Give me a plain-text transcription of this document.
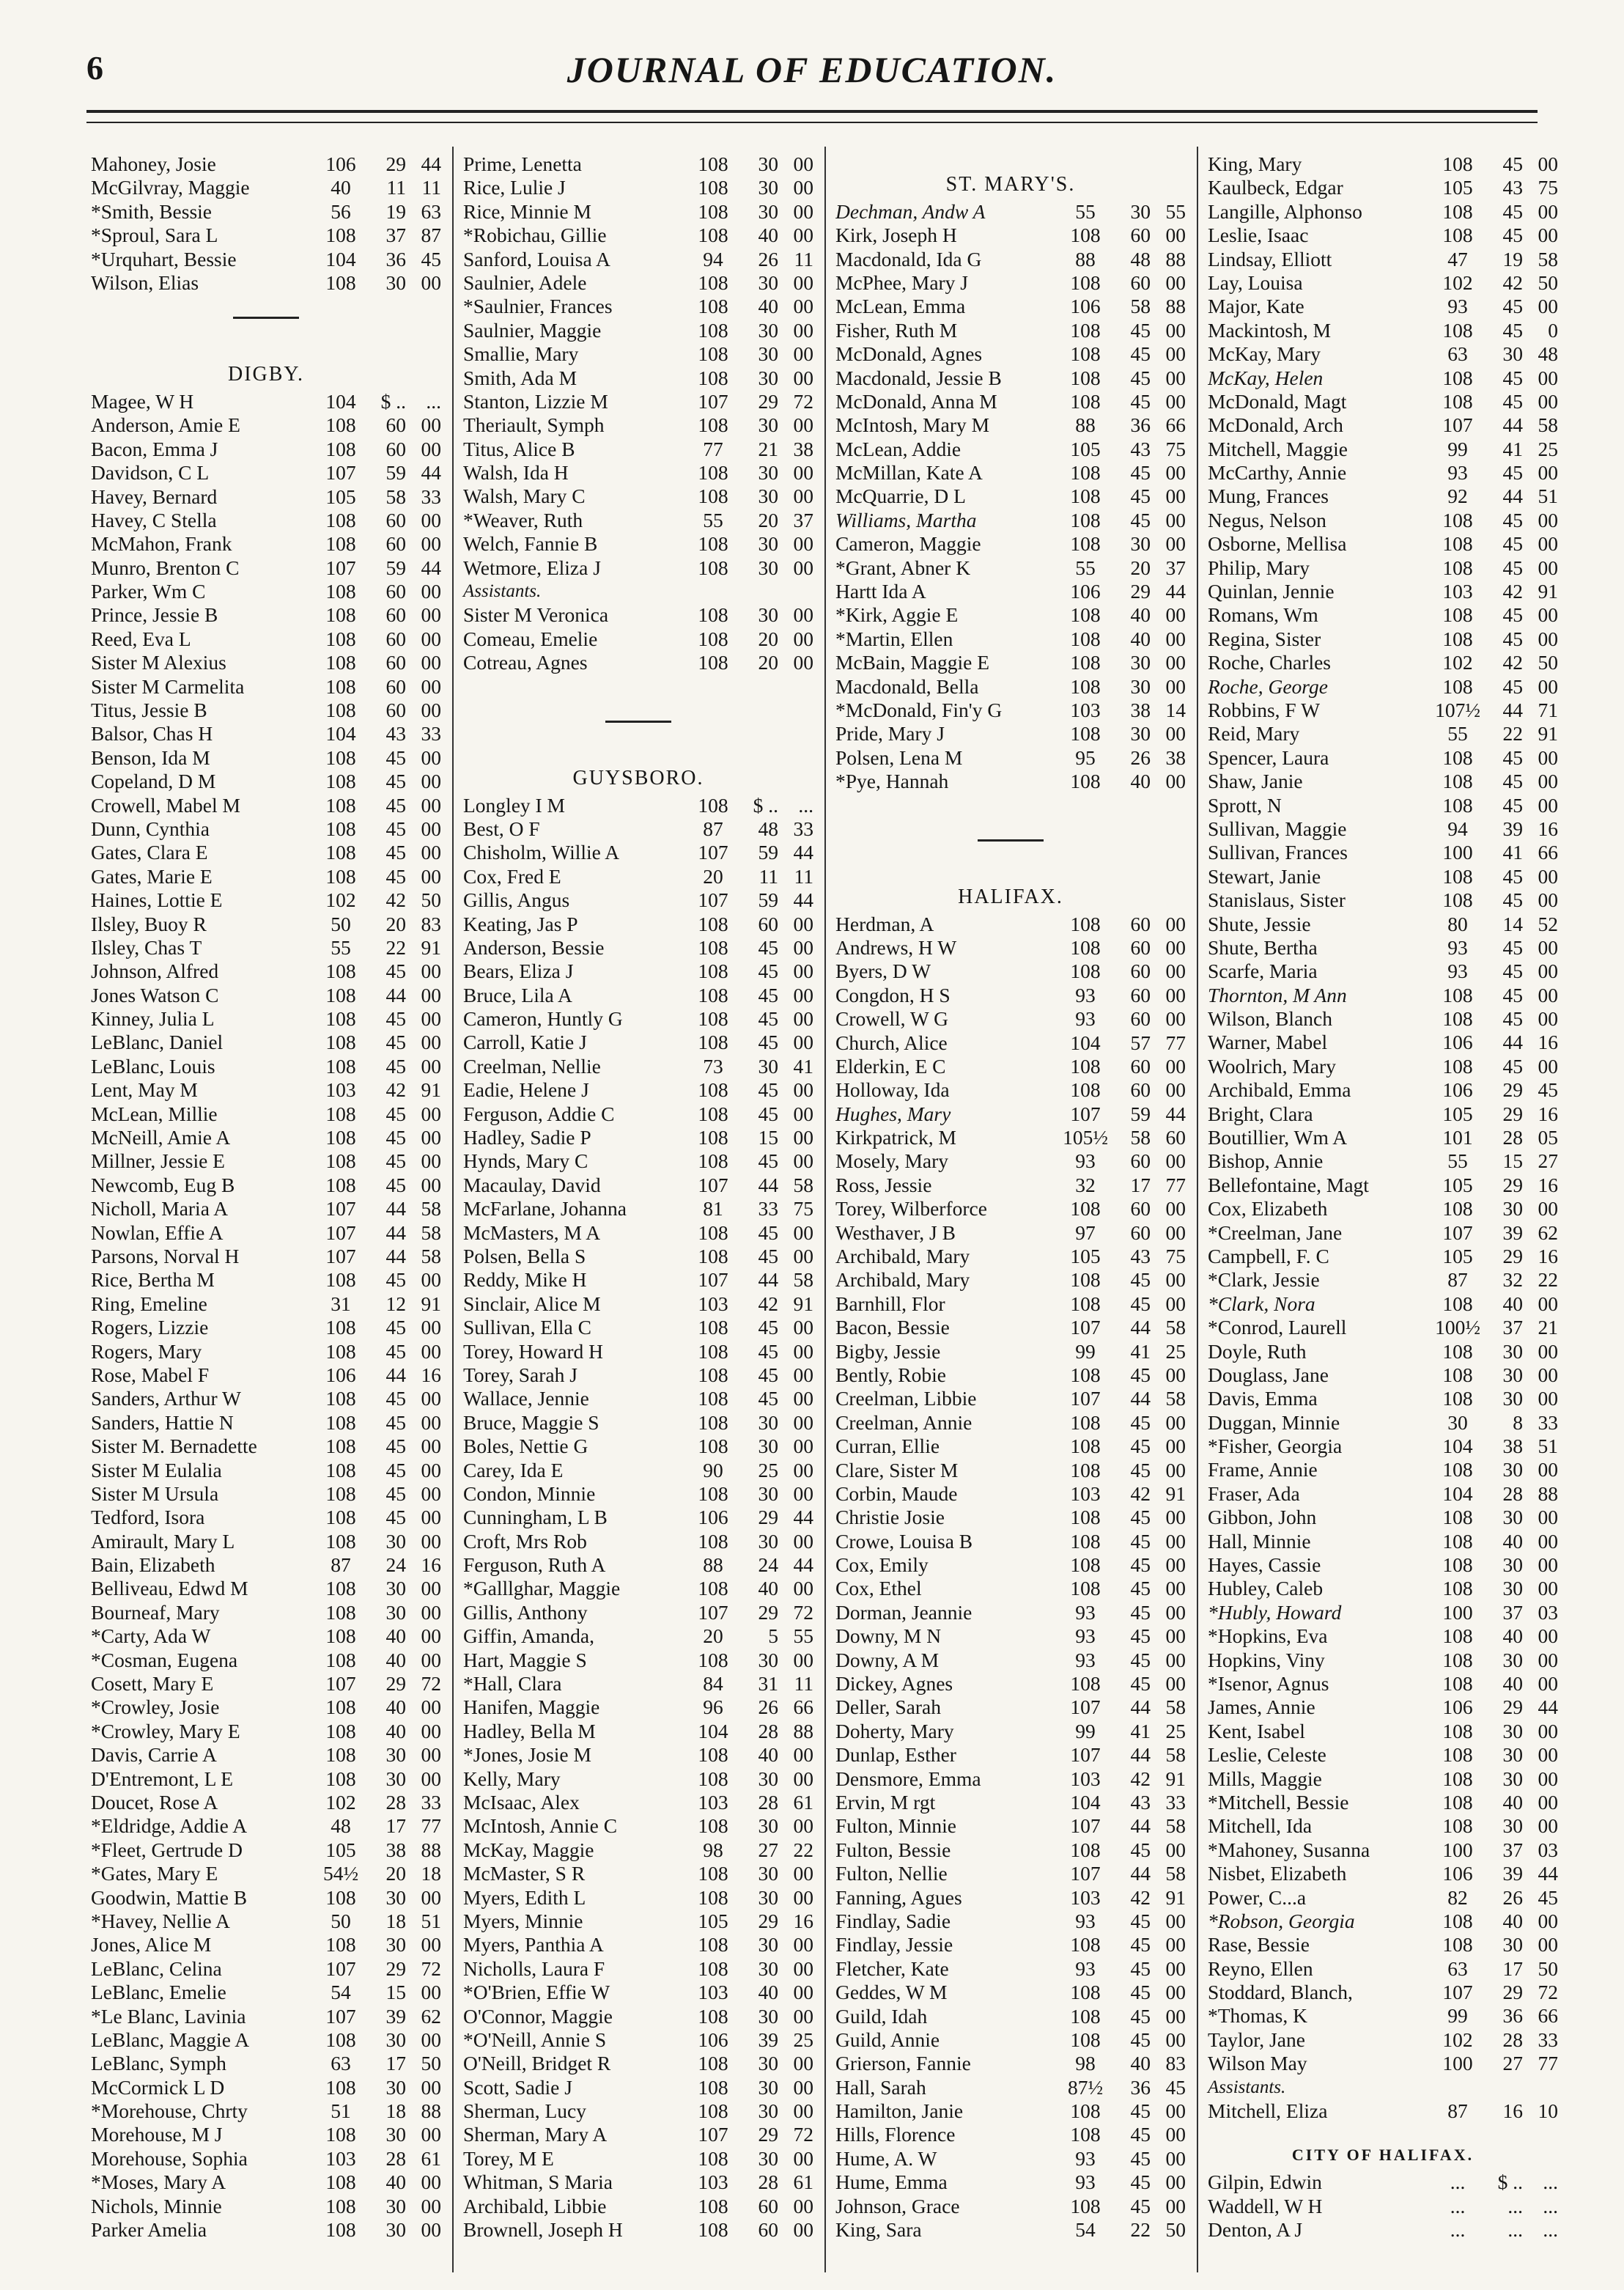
6	JOURNAL OF EDUCATION.
Mahoney, Josie	106	29 44
McGilvray, Maggie	40	11 11
*Smith, Bessie	56	19 63
*Sproul, Sara L	108	37 87
*Urquhart, Bessie	104	36 45
Wilson, Elias	108	30 00
DIGBY.
Magee, W H	104	$ .. ...
Anderson, Amie E	108	60 00
Bacon, Emma J	108	60 00
Davidson, C L	107	59 44
Havey, Bernard	105	58 33
Havey, C Stella	108	60 00
McMahon, Frank	108	60 00
Munro, Brenton C	107	59 44
Parker, Wm C	108	60 00
Prince, Jessie B	108	60 00
Reed, Eva L	108	60 00
Sister M Alexius	108	60 00
Sister M Carmelita	108	60 00
Titus, Jessie B	108	60 00
Balsor, Chas H	104	43 33
Benson, Ida M	108	45 00
Copeland, D M	108	45 00
Crowell, Mabel M	108	45 00
Dunn, Cynthia	108	45 00
Gates, Clara E	108	45 00
Gates, Marie E	108	45 00
Haines, Lottie E	102	42 50
Ilsley, Buoy R	50	20 83
Ilsley, Chas T	55	22 91
Johnson, Alfred	108	45 00
Jones Watson C	108	44 00
Kinney, Julia L	108	45 00
LeBlanc, Daniel	108	45 00
LeBlanc, Louis	108	45 00
Lent, May M	103	42 91
McLean, Millie	108	45 00
McNeill, Amie A	108	45 00
Millner, Jessie E	108	45 00
Newcomb, Eug B	108	45 00
Nicholl, Maria A	107	44 58
Nowlan, Effie A	107	44 58
Parsons, Norval H	107	44 58
Rice, Bertha M	108	45 00
Ring, Emeline	31	12 91
Rogers, Lizzie	108	45 00
Rogers, Mary	108	45 00
Rose, Mabel F	106	44 16
Sanders, Arthur W	108	45 00
Sanders, Hattie N	108	45 00
Sister M. Bernadette	108	45 00
Sister M Eulalia	108	45 00
Sister M Ursula	108	45 00
Tedford, Isora	108	45 00
Amirault, Mary L	108	30 00
Bain, Elizabeth	87	24 16
Belliveau, Edwd M	108	30 00
Bourneaf, Mary	108	30 00
*Carty, Ada W	108	40 00
*Cosman, Eugena	108	40 00
Cosett, Mary E	107	29 72
*Crowley, Josie	108	40 00
*Crowley, Mary E	108	40 00
Davis, Carrie A	108	30 00
D'Entremont, L E	108	30 00
Doucet, Rose A	102	28 33
*Eldridge, Addie A	48	17 77
*Fleet, Gertrude D	105	38 88
*Gates, Mary E	54½	20 18
Goodwin, Mattie B	108	30 00
*Havey, Nellie A	50	18 51
Jones, Alice M	108	30 00
LeBlanc, Celina	107	29 72
LeBlanc, Emelie	54	15 00
*Le Blanc, Lavinia	107	39 62
LeBlanc, Maggie A	108	30 00
LeBlanc, Symph	63	17 50
McCormick L D	108	30 00
*Morehouse, Chrty	51	18 88
Morehouse, M J	108	30 00
Morehouse, Sophia	103	28 61
*Moses, Mary A	108	40 00
Nichols, Minnie	108	30 00
Parker Amelia	108	30 00
Prime, Lenetta	108	30 00
Rice, Lulie J	108	30 00
Rice, Minnie M	108	30 00
*Robichau, Gillie	108	40 00
Sanford, Louisa A	94	26 11
Saulnier, Adele	108	30 00
*Saulnier, Frances	108	40 00
Saulnier, Maggie	108	30 00
Smallie, Mary	108	30 00
Smith, Ada M	108	30 00
Stanton, Lizzie M	107	29 72
Theriault, Symph	108	30 00
Titus, Alice B	77	21 38
Walsh, Ida H	108	30 00
Walsh, Mary C	108	30 00
*Weaver, Ruth	55	20 37
Welch, Fannie B	108	30 00
Wetmore, Eliza J	108	30 00
Assistants.
Sister M Veronica	108	30 00
Comeau, Emelie	108	20 00
Cotreau, Agnes	108	20 00
GUYSBORO.
Longley I M	108	$ .. ...
Best, O F	87	48 33
Chisholm, Willie A	107	59 44
Cox, Fred E	20	11 11
Gillis, Angus	107	59 44
Keating, Jas P	108	60 00
Anderson, Bessie	108	45 00
Bears, Eliza J	108	45 00
Bruce, Lila A	108	45 00
Cameron, Huntly G	108	45 00
Carroll, Katie J	108	45 00
Creelman, Nellie	73	30 41
Eadie, Helene J	108	45 00
Ferguson, Addie C	108	45 00
Hadley, Sadie P	108	15 00
Hynds, Mary C	108	45 00
Macaulay, David	107	44 58
McFarlane, Johanna	81	33 75
McMasters, M A	108	45 00
Polsen, Bella S	108	45 00
Reddy, Mike H	107	44 58
Sinclair, Alice M	103	42 91
Sullivan, Ella C	108	45 00
Torey, Howard H	108	45 00
Torey, Sarah J	108	45 00
Wallace, Jennie	108	45 00
Bruce, Maggie S	108	30 00
Boles, Nettie G	108	30 00
Carey, Ida E	90	25 00
Condon, Minnie	108	30 00
Cunningham, L B	106	29 44
Croft, Mrs Rob	108	30 00
Ferguson, Ruth A	88	24 44
*Galllghar, Maggie	108	40 00
Gillis, Anthony	107	29 72
Giffin, Amanda,	20	5 55
Hart, Maggie S	108	30 00
*Hall, Clara	84	31 11
Hanifen, Maggie	96	26 66
Hadley, Bella M	104	28 88
*Jones, Josie M	108	40 00
Kelly, Mary	108	30 00
McIsaac, Alex	103	28 61
McIntosh, Annie C	108	30 00
McKay, Maggie	98	27 22
McMaster, S R	108	30 00
Myers, Edith L	108	30 00
Myers, Minnie	105	29 16
Myers, Panthia A	108	30 00
Nicholls, Laura F	108	30 00
*O'Brien, Effie W	103	40 00
O'Connor, Maggie	108	30 00
*O'Neill, Annie S	106	39 25
O'Neill, Bridget R	108	30 00
Scott, Sadie J	108	30 00
Sherman, Lucy	108	30 00
Sherman, Mary A	107	29 72
Torey, M E	108	30 00
Whitman, S Maria	103	28 61
Archibald, Libbie	108	60 00
Brownell, Joseph H	108	60 00
ST. MARY'S.
Dechman, Andw A	55	30 55
Kirk, Joseph H	108	60 00
Macdonald, Ida G	88	48 88
McPhee, Mary J	108	60 00
McLean, Emma	106	58 88
Fisher, Ruth M	108	45 00
McDonald, Agnes	108	45 00
Macdonald, Jessie B	108	45 00
McDonald, Anna M	108	45 00
McIntosh, Mary M	88	36 66
McLean, Addie	105	43 75
McMillan, Kate A	108	45 00
McQuarrie, D L	108	45 00
Williams, Martha	108	45 00
Cameron, Maggie	108	30 00
*Grant, Abner K	55	20 37
Hartt Ida A	106	29 44
*Kirk, Aggie E	108	40 00
*Martin, Ellen	108	40 00
McBain, Maggie E	108	30 00
Macdonald, Bella	108	30 00
*McDonald, Fin'y G	103	38 14
Pride, Mary J	108	30 00
Polsen, Lena M	95	26 38
*Pye, Hannah	108	40 00
HALIFAX.
Herdman, A	108	60 00
Andrews, H W	108	60 00
Byers, D W	108	60 00
Congdon, H S	93	60 00
Crowell, W G	93	60 00
Church, Alice	104	57 77
Elderkin, E C	108	60 00
Holloway, Ida	108	60 00
Hughes, Mary	107	59 44
Kirkpatrick, M	105½	58 60
Mosely, Mary	93	60 00
Ross, Jessie	32	17 77
Torey, Wilberforce	108	60 00
Westhaver, J B	97	60 00
Archibald, Mary	105	43 75
Archibald, Mary	108	45 00
Barnhill, Flor	108	45 00
Bacon, Bessie	107	44 58
Bigby, Jessie	99	41 25
Bently, Robie	108	45 00
Creelman, Libbie	107	44 58
Creelman, Annie	108	45 00
Curran, Ellie	108	45 00
Clare, Sister M	108	45 00
Corbin, Maude	103	42 91
Christie Josie	108	45 00
Crowe, Louisa B	108	45 00
Cox, Emily	108	45 00
Cox, Ethel	108	45 00
Dorman, Jeannie	93	45 00
Downy, M N	93	45 00
Downy, A M	93	45 00
Dickey, Agnes	108	45 00
Deller, Sarah	107	44 58
Doherty, Mary	99	41 25
Dunlap, Esther	107	44 58
Densmore, Emma	103	42 91
Ervin, M rgt	104	43 33
Fulton, Minnie	107	44 58
Fulton, Bessie	108	45 00
Fulton, Nellie	107	44 58
Fanning, Agues	103	42 91
Findlay, Sadie	93	45 00
Findlay, Jessie	108	45 00
Fletcher, Kate	93	45 00
Geddes, W M	108	45 00
Guild, Idah	108	45 00
Guild, Annie	108	45 00
Grierson, Fannie	98	40 83
Hall, Sarah	87½	36 45
Hamilton, Janie	108	45 00
Hills, Florence	108	45 00
Hume, A. W	93	45 00
Hume, Emma	93	45 00
Johnson, Grace	108	45 00
King, Sara	54	22 50
King, Mary	108	45 00
Kaulbeck, Edgar	105	43 75
Langille, Alphonso	108	45 00
Leslie, Isaac	108	45 00
Lindsay, Elliott	47	19 58
Lay, Louisa	102	42 50
Major, Kate	93	45 00
Mackintosh, M	108	45	0
McKay, Mary	63	30 48
McKay, Helen	108	45 00
McDonald, Magt	108	45 00
McDonald, Arch	107	44 58
Mitchell, Maggie	99	41 25
McCarthy, Annie	93	45 00
Mung, Frances	92	44 51
Negus, Nelson	108	45 00
Osborne, Mellisa	108	45 00
Philip, Mary	108	45 00
Quinlan, Jennie	103	42 91
Romans, Wm	108	45 00
Regina, Sister	108	45 00
Roche, Charles	102	42 50
Roche, George	108	45 00
Robbins, F W	107½	44 71
Reid, Mary	55	22 91
Spencer, Laura	108	45 00
Shaw, Janie	108	45 00
Sprott, N	108	45 00
Sullivan, Maggie	94	39 16
Sullivan, Frances	100	41 66
Stewart, Janie	108	45 00
Stanislaus, Sister	108	45 00
Shute, Jessie	80	14 52
Shute, Bertha	93	45 00
Scarfe, Maria	93	45 00
Thornton, M Ann	108	45 00
Wilson, Blanch	108	45 00
Warner, Mabel	106	44 16
Woolrich, Mary	108	45 00
Archibald, Emma	106	29 45
Bright, Clara	105	29 16
Boutillier, Wm A	101	28 05
Bishop, Annie	55	15 27
Bellefontaine, Magt	105	29 16
Cox, Elizabeth	108	30 00
*Creelman, Jane	107	39 62
Campbell, F. C	105	29 16
*Clark, Jessie	87	32 22
*Clark, Nora	108	40 00
*Conrod, Laurell	100½	37 21
Doyle, Ruth	108	30 00
Douglass, Jane	108	30 00
Davis, Emma	108	30 00
Duggan, Minnie	30	8 33
*Fisher, Georgia	104	38 51
Frame, Annie	108	30 00
Fraser, Ada	104	28 88
Gibbon, John	108	30 00
Hall, Minnie	108	40 00
Hayes, Cassie	108	30 00
Hubley, Caleb	108	30 00
*Hubly, Howard	100	37 03
*Hopkins, Eva	108	40 00
Hopkins, Viny	108	30 00
*Isenor, Agnus	108	40 00
James, Annie	106	29 44
Kent, Isabel	108	30 00
Leslie, Celeste	108	30 00
Mills, Maggie	108	30 00
*Mitchell, Bessie	108	40 00
Mitchell, Ida	108	30 00
*Mahoney, Susanna	100	37 03
Nisbet, Elizabeth	106	39 44
Power, C...a	82	26 45
*Robson, Georgia	108	40 00
Rase, Bessie	108	30 00
Reyno, Ellen	63	17 50
Stoddard, Blanch,	107	29 72
*Thomas, K	99	36 66
Taylor, Jane	102	28 33
Wilson May	100	27 77
Assistants.
Mitchell, Eliza	87	16 10
CITY OF HALIFAX.
Gilpin, Edwin	...	$ .. ...
Waddell, W H	...	... ...
Denton, A J	...	... ...
